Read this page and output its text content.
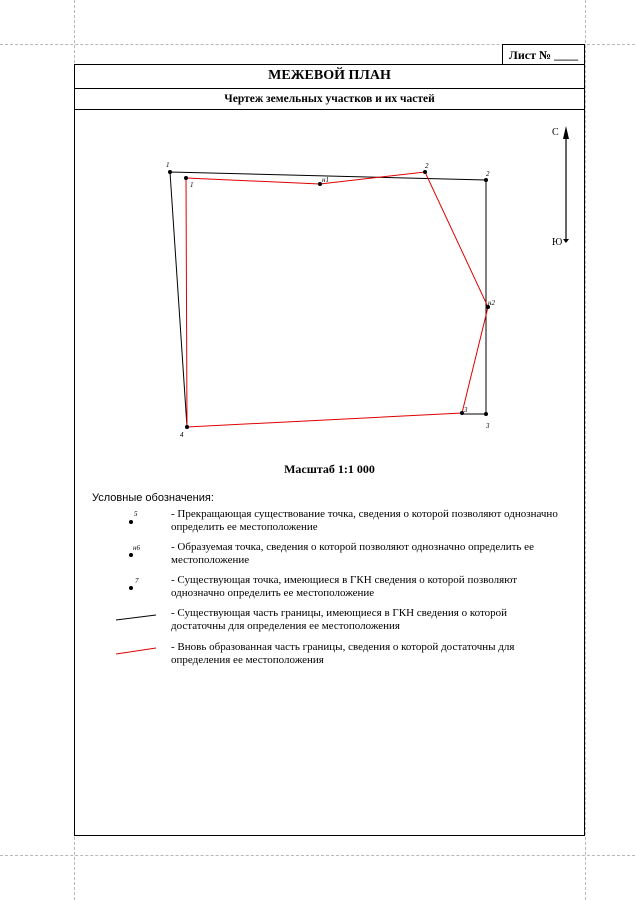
Лист №
____
МЕЖЕВОЙ ПЛАН
Чертеж земельных участков и их частей
1
1
н1
2
2
н2
3
3
4
С
Ю
Масштаб 1:1 000
Условные обозначения:
5	- Прекращающая существование точка, сведения о которой позволяют однозначно определить ее местоположение
н6	- Образуемая точка, сведения о которой позволяют однозначно определить ее местоположение
7	- Существующая точка, имеющиеся в ГКН сведения о которой позволяют однозначно определить ее местоположение
- Существующая часть границы, имеющиеся в ГКН сведения о которой достаточны для определения ее местоположения
- Вновь образованная часть границы, сведения о которой достаточны для определения ее местоположения
